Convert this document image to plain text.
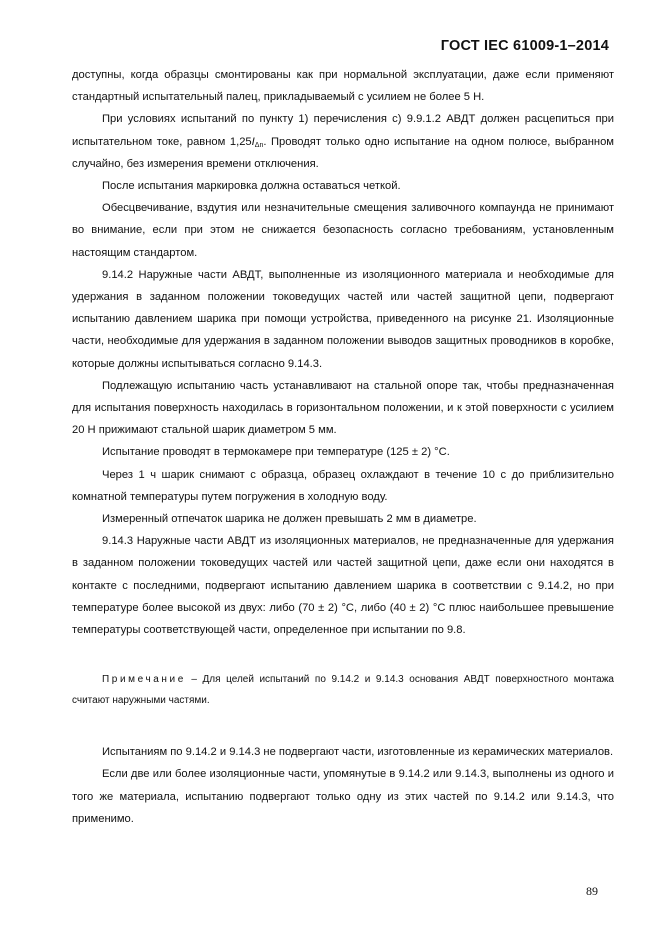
ГОСТ IEC 61009-1–2014

доступны, когда образцы смонтированы как при нормальной эксплуатации, даже если применяют стандартный испытательный палец, прикладываемый с усилием не более 5 Н.

При условиях испытаний по пункту 1) перечисления с) 9.9.1.2 АВДТ должен расцепиться при испытательном токе, равном $1,25I_{\Delta n}$. Проводят только одно испытание на одном полюсе, выбранном случайно, без измерения времени отключения.

После испытания маркировка должна оставаться четкой.

Обесцвечивание, вздутия или незначительные смещения заливочного компаунда не принимают во внимание, если при этом не снижается безопасность согласно требованиям, установленным настоящим стандартом.

9.14.2 Наружные части АВДТ, выполненные из изоляционного материала и необходимые для удержания в заданном положении токоведущих частей или частей защитной цепи, подвергают испытанию давлением шарика при помощи устройства, приведенного на рисунке 21. Изоляционные части, необходимые для удержания в заданном положении выводов защитных проводников в коробке, которые должны испытываться согласно 9.14.3.

Подлежащую испытанию часть устанавливают на стальной опоре так, чтобы предназначенная для испытания поверхность находилась в горизонтальном положении, и к этой поверхности с усилием 20 Н прижимают стальной шарик диаметром 5 мм.

Испытание проводят в термокамере при температуре (125 ± 2) °С.

Через 1 ч шарик снимают с образца, образец охлаждают в течение 10 с до приблизительно комнатной температуры путем погружения в холодную воду.

Измеренный отпечаток шарика не должен превышать 2 мм в диаметре.

9.14.3 Наружные части АВДТ из изоляционных материалов, не предназначенные для удержания в заданном положении токоведущих частей или частей защитной цепи, даже если они находятся в контакте с последними, подвергают испытанию давлением шарика в соответствии с 9.14.2, но при температуре более высокой из двух: либо (70 ± 2) °С, либо (40 ± 2) °С плюс наибольшее превышение температуры соответствующей части, определенное при испытании по 9.8.

Примечание – Для целей испытаний по 9.14.2 и 9.14.3 основания АВДТ поверхностного монтажа считают наружными частями.

Испытаниям по 9.14.2 и 9.14.3 не подвергают части, изготовленные из керамических материалов.

Если две или более изоляционные части, упомянутые в 9.14.2 или 9.14.3, выполнены из одного и того же материала, испытанию подвергают только одну из этих частей по 9.14.2 или 9.14.3, что применимо.

89
